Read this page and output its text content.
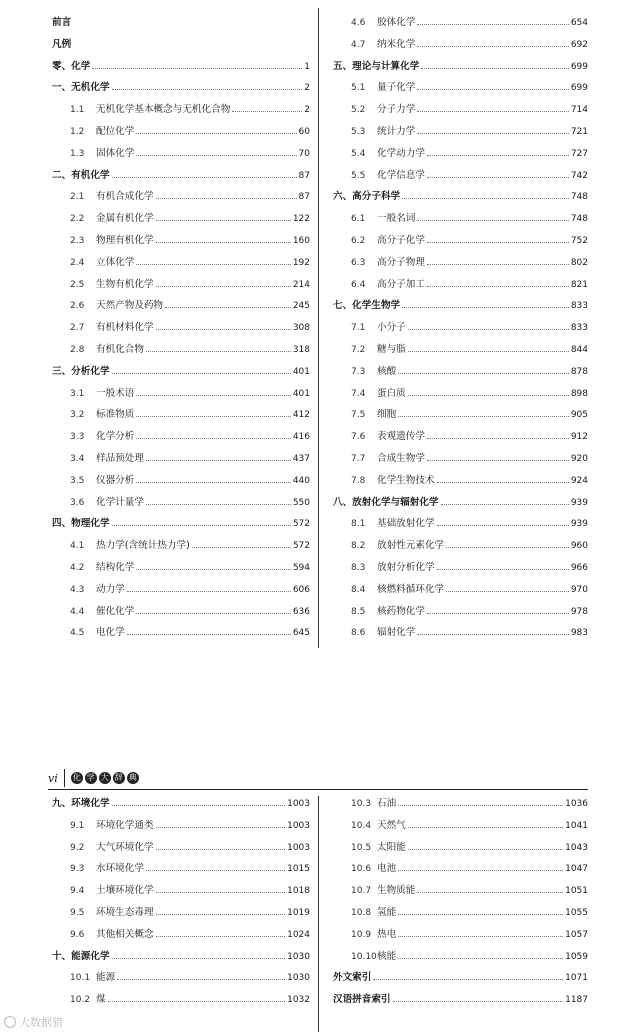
前言
凡例
零、化学	1
一、无机化学	2
1.1	无机化学基本概念与无机化合物	2
1.2	配位化学	60
1.3	固体化学	70
二、有机化学	87
2.1	有机合成化学	87
2.2	金属有机化学	122
2.3	物理有机化学	160
2.4	立体化学	192
2.5	生物有机化学	214
2.6	天然产物及药物	245
2.7	有机材料化学	308
2.8	有机化合物	318
三、分析化学	401
3.1	一般术语	401
3.2	标准物质	412
3.3	化学分析	416
3.4	样品预处理	437
3.5	仪器分析	440
3.6	化学计量学	550
四、物理化学	572
4.1	热力学(含统计热力学)	572
4.2	结构化学	594
4.3	动力学	606
4.4	催化化学	636
4.5	电化学	645
4.6	胶体化学	654
4.7	纳米化学	692
五、理论与计算化学	699
5.1	量子化学	699
5.2	分子力学	714
5.3	统计力学	721
5.4	化学动力学	727
5.5	化学信息学	742
六、高分子科学	748
6.1	一般名词	748
6.2	高分子化学	752
6.3	高分子物理	802
6.4	高分子加工	821
七、化学生物学	833
7.1	小分子	833
7.2	糖与脂	844
7.3	核酸	878
7.4	蛋白质	898
7.5	细胞	905
7.6	表观遗传学	912
7.7	合成生物学	920
7.8	化学生物技术	924
八、放射化学与辐射化学	939
8.1	基础放射化学	939
8.2	放射性元素化学	960
8.3	放射分析化学	966
8.4	核燃料循环化学	970
8.5	核药物化学	978
8.6	辐射化学	983
vi 化 学 大 辞 典
九、环境化学	1003
9.1	环境化学通类	1003
9.2	大气环境化学	1003
9.3	水环境化学	1015
9.4	土壤环境化学	1018
9.5	环境生态毒理	1019
9.6	其他相关概念	1024
十、能源化学	1030
10.1 能源	1030
10.2 煤	1032
10.3 石油	1036
10.4 天然气	1041
10.5 太阳能	1043
10.6 电池	1047
10.7 生物质能	1051
10.8 氢能	1055
10.9 热电	1057
10.10 核能	1059
外文索引	1071
汉语拼音索引	1187
大数据猎
